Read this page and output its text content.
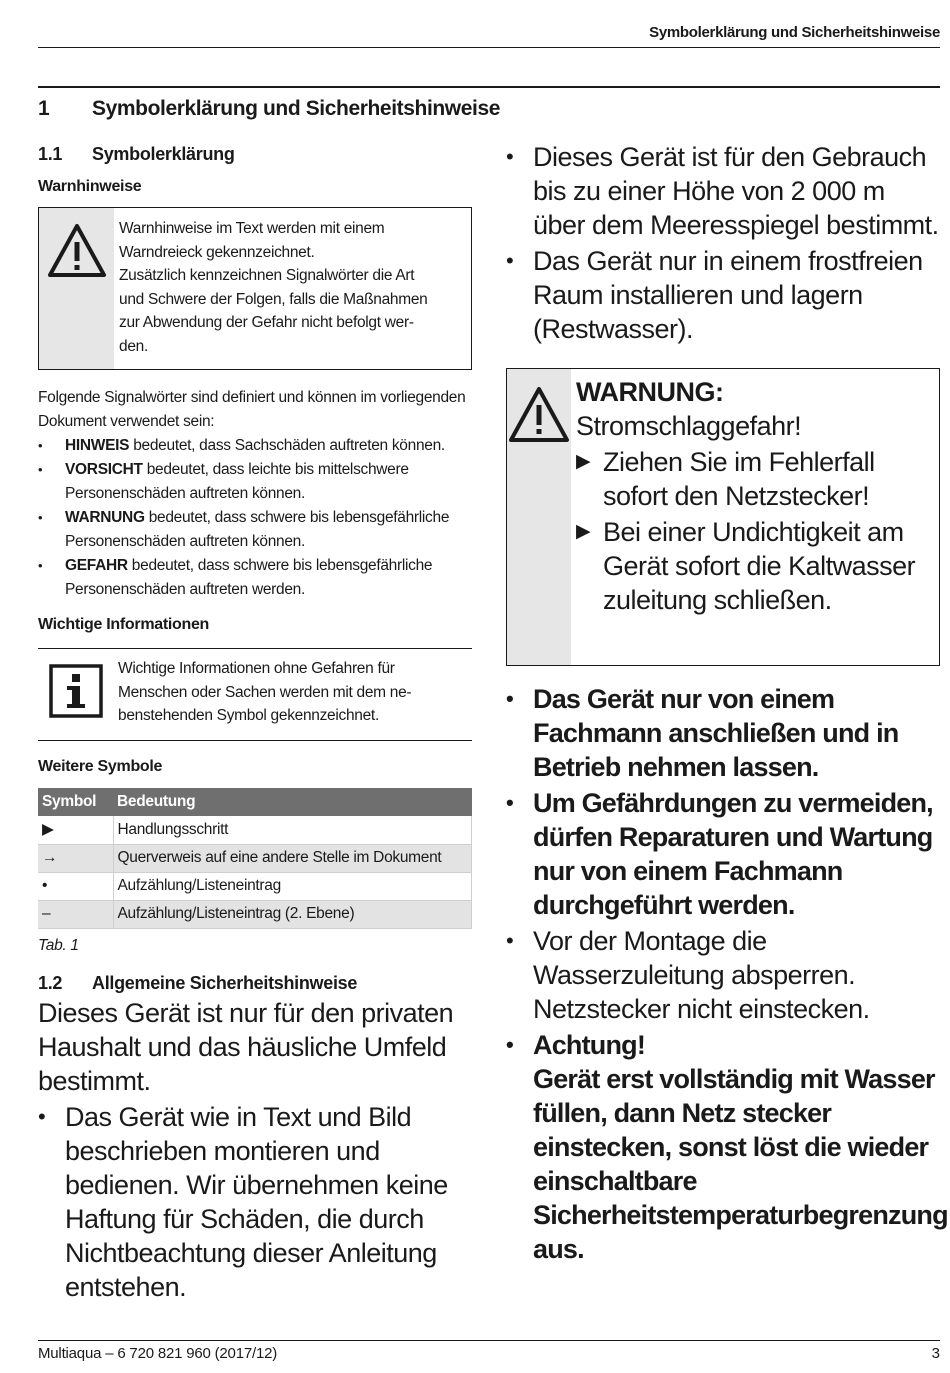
Symbolerklärung und Sicherheitshinweise
1 Symbolerklärung und Sicherheitshinweise
1.1 Symbolerklärung
Warnhinweise
Warnhinweise im Text werden mit einem
Warndreieck gekennzeichnet.
Zusätzlich kennzeichnen Signalwörter die Art
und Schwere der Folgen, falls die Maßnahmen
zur Abwendung der Gefahr nicht befolgt wer-
den.

Folgende Signalwörter sind definiert und können im vorliegenden Dokument verwendet sein:

• HINWEIS bedeutet, dass Sachschäden auftreten können.
• VORSICHT bedeutet, dass leichte bis mittelschwere Personenschäden auftreten können.
• WARNUNG bedeutet, dass schwere bis lebensgefährliche Personenschäden auftreten können.
• GEFAHR bedeutet, dass schwere bis lebensgefährliche Personenschäden auftreten werden.
Wichtige Informationen
Wichtige Informationen ohne Gefahren für
Menschen oder Sachen werden mit dem ne-
benstehenden Symbol gekennzeichnet.
Weitere Symbole
Symbol	Bedeutung
▶	Handlungsschritt
→	Querverweis auf eine andere Stelle im Dokument
•	Aufzählung/Listeneintrag
–	Aufzählung/Listeneintrag (2. Ebene)
Tab. 1
1.2 Allgemeine Sicherheitshinweise

Dieses Gerät ist nur für den privaten Haushalt und das häusliche Umfeld bestimmt.

• Das Gerät wie in Text und Bild beschrieben montieren und bedienen. Wir übernehmen keine Haftung für Schäden, die durch Nichtbeachtung dieser Anleitung entstehen.
• Dieses Gerät ist für den Gebrauch bis zu einer Höhe von 2 000 m über dem Meeresspiegel bestimmt.
• Das Gerät nur in einem frostfreien Raum installieren und lagern (Restwasser).
WARNUNG: Stromschlaggefahr!
▶ Ziehen Sie im Fehlerfall sofort den Netzstecker!
▶ Bei einer Undichtigkeit am Gerät sofort die Kaltwasser zuleitung schließen.
• Das Gerät nur von einem Fachmann anschließen und in Betrieb nehmen lassen.
• Um Gefährdungen zu vermeiden, dürfen Reparaturen und Wartung nur von einem Fachmann durchgeführt werden.
• Vor der Montage die Wasserzuleitung absperren. Netzstecker nicht einstecken.
• Achtung!
Gerät erst vollständig mit Wasser füllen, dann Netz stecker einstecken, sonst löst die wieder einschaltbare Sicherheitstemperaturbegrenzung aus.
Multiaqua – 6 720 821 960 (2017/12)	3
